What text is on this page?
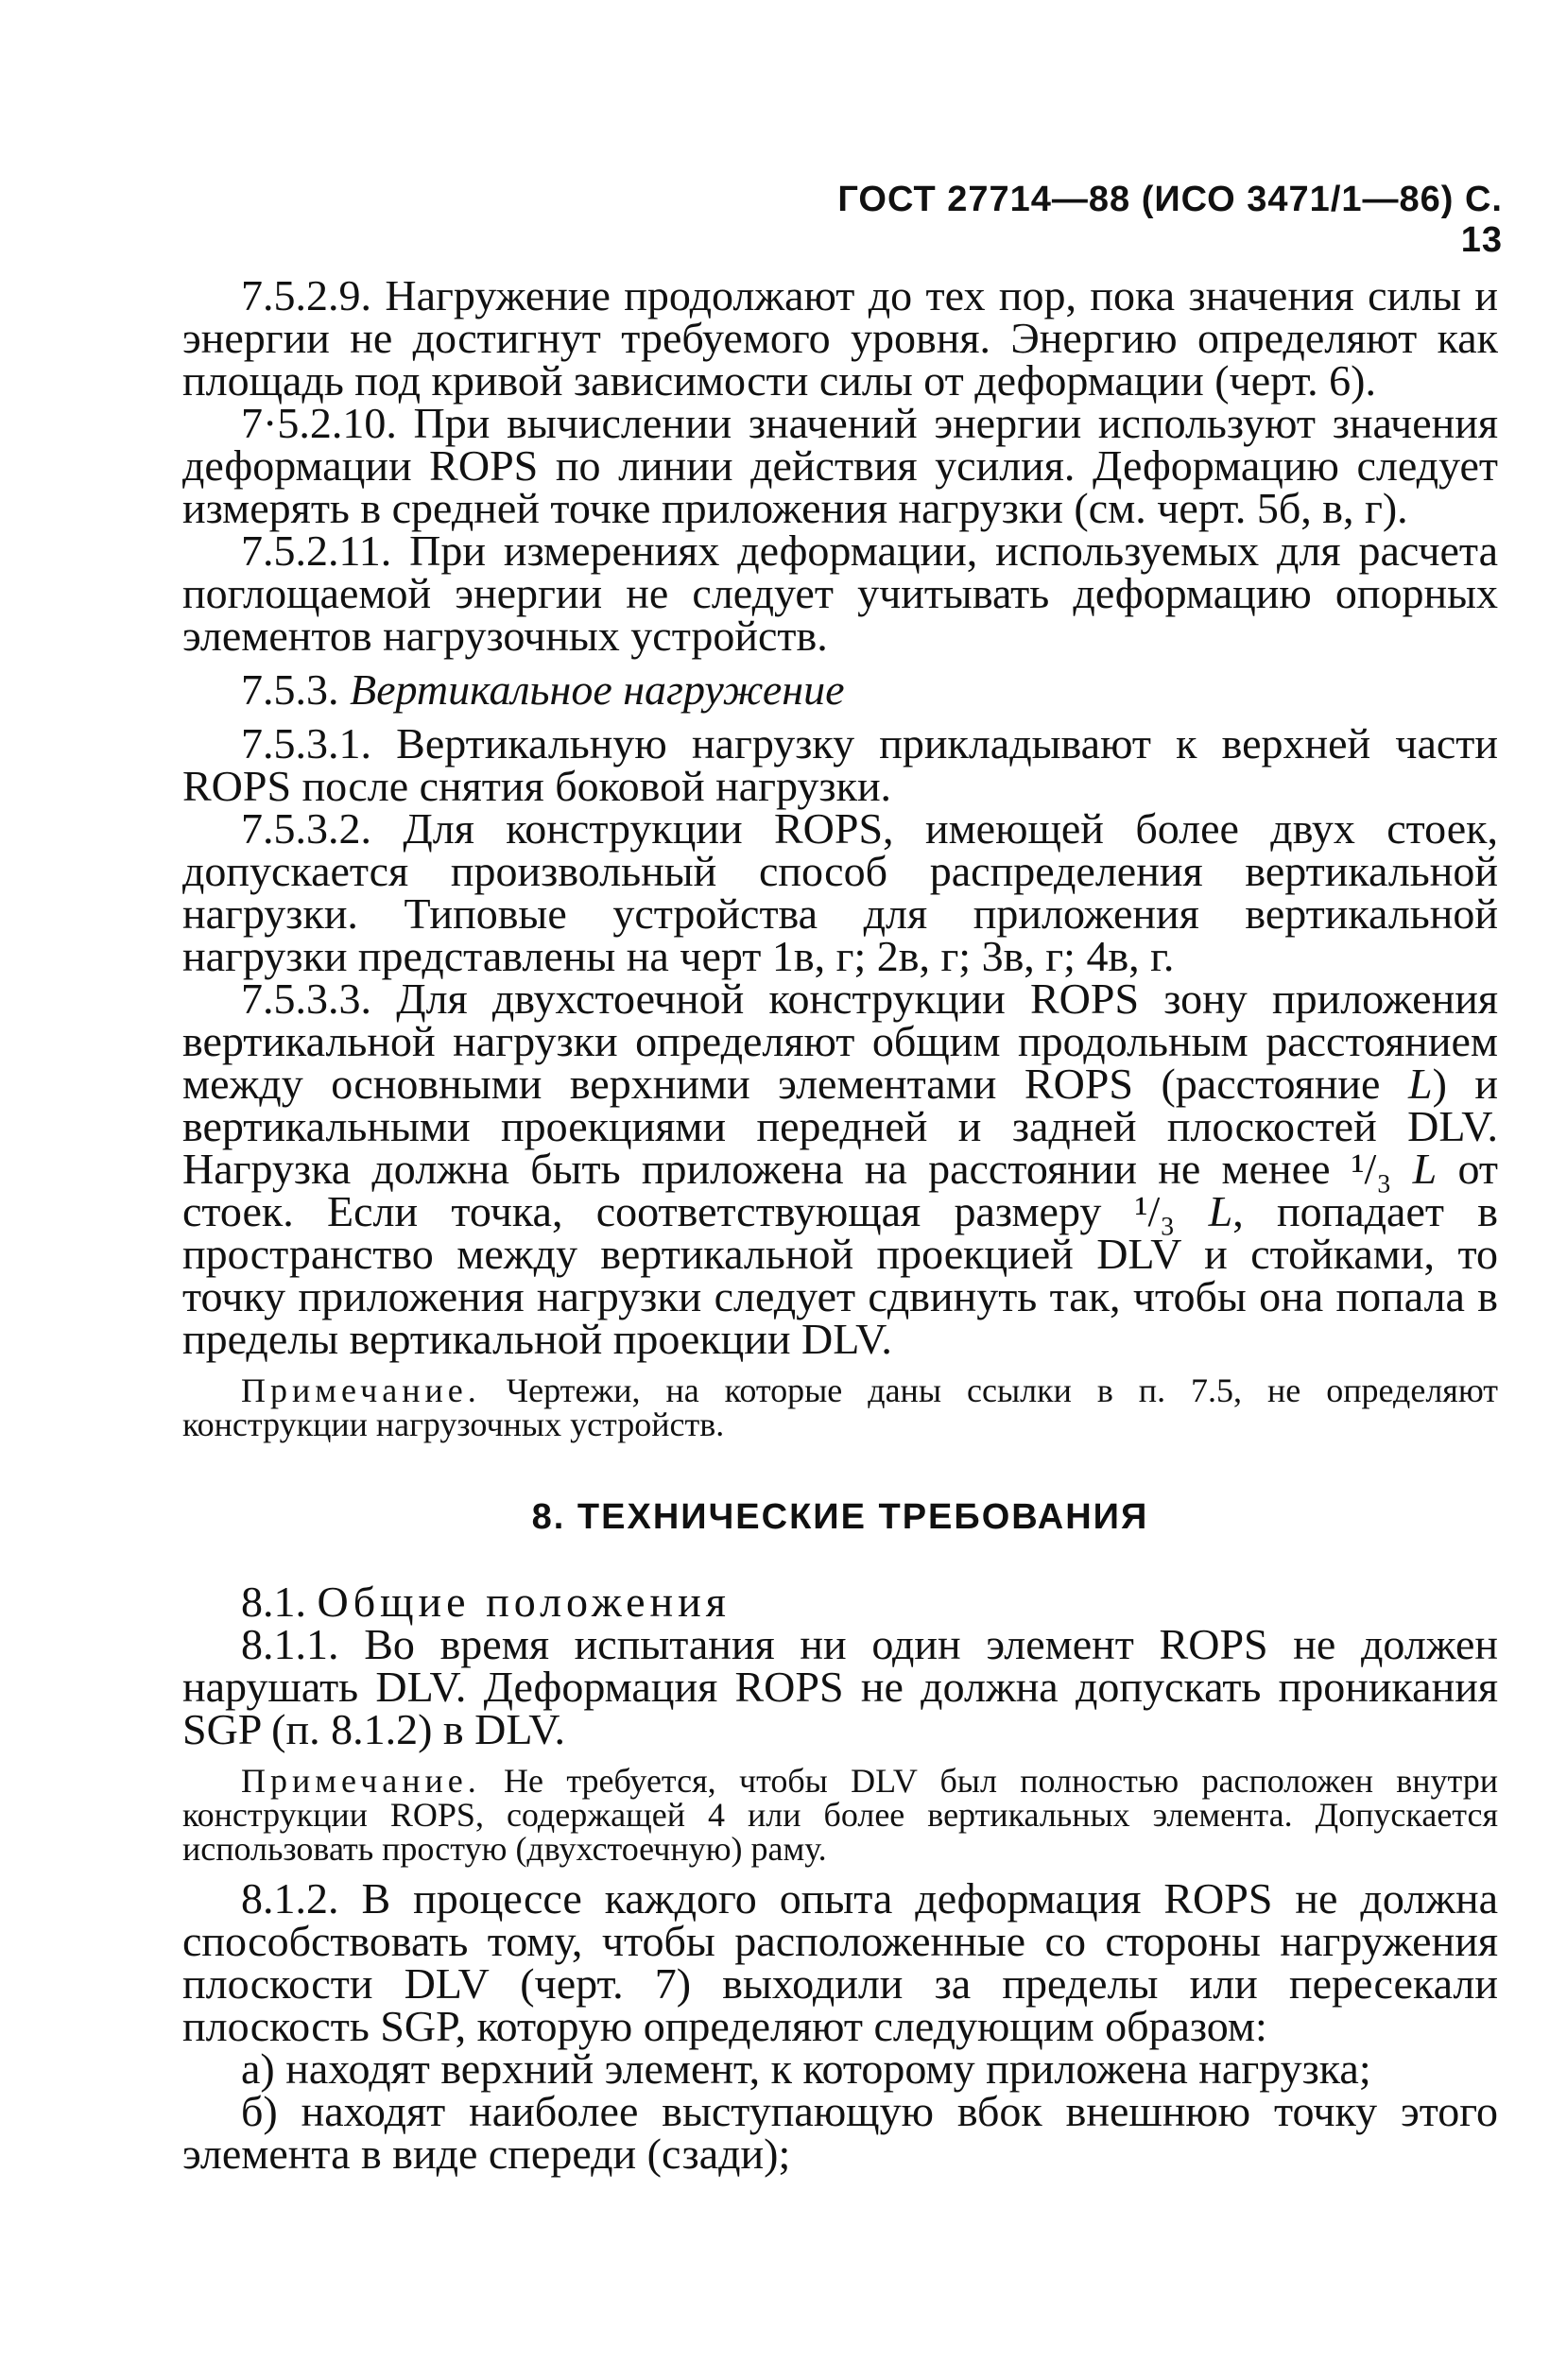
ГОСТ 27714—88 (ИСО 3471/1—86) С. 13

7.5.2.9. Нагружение продолжают до тех пор, пока значения силы и энергии не достигнут требуемого уровня. Энергию определяют как площадь под кривой зависимости силы от деформации (черт. 6).

7·5.2.10. При вычислении значений энергии используют значения деформации ROPS по линии действия усилия. Деформацию следует измерять в средней точке приложения нагрузки (см. черт. 5б, в, г).

7.5.2.11. При измерениях деформации, используемых для расчета поглощаемой энергии не следует учитывать деформацию опорных элементов нагрузочных устройств.

7.5.3. Вертикальное нагружение

7.5.3.1. Вертикальную нагрузку прикладывают к верхней части ROPS после снятия боковой нагрузки.

7.5.3.2. Для конструкции ROPS, имеющей более двух стоек, допускается произвольный способ распределения вертикальной нагрузки. Типовые устройства для приложения вертикальной нагрузки представлены на черт 1в, г; 2в, г; 3в, г; 4в, г.

7.5.3.3. Для двухстоечной конструкции ROPS зону приложения вертикальной нагрузки определяют общим продольным расстоянием между основными верхними элементами ROPS (расстояние L) и вертикальными проекциями передней и задней плоскостей DLV. Нагрузка должна быть приложена на расстоянии не менее ¹/₃ L от стоек. Если точка, соответствующая размеру ¹/₃ L, попадает в пространство между вертикальной проекцией DLV и стойками, то точку приложения нагрузки следует сдвинуть так, чтобы она попала в пределы вертикальной проекции DLV.

Примечание. Чертежи, на которые даны ссылки в п. 7.5, не определяют конструкции нагрузочных устройств.

8. ТЕХНИЧЕСКИЕ ТРЕБОВАНИЯ

8.1. Общие положения

8.1.1. Во время испытания ни один элемент ROPS не должен нарушать DLV. Деформация ROPS не должна допускать проникания SGP (п. 8.1.2) в DLV.

Примечание. Не требуется, чтобы DLV был полностью расположен внутри конструкции ROPS, содержащей 4 или более вертикальных элемента. Допускается использовать простую (двухстоечную) раму.

8.1.2. В процессе каждого опыта деформация ROPS не должна способствовать тому, чтобы расположенные со стороны нагружения плоскости DLV (черт. 7) выходили за пределы или пересекали плоскость SGP, которую определяют следующим образом:

а) находят верхний элемент, к которому приложена нагрузка;

б) находят наиболее выступающую вбок внешнюю точку этого элемента в виде спереди (сзади);
